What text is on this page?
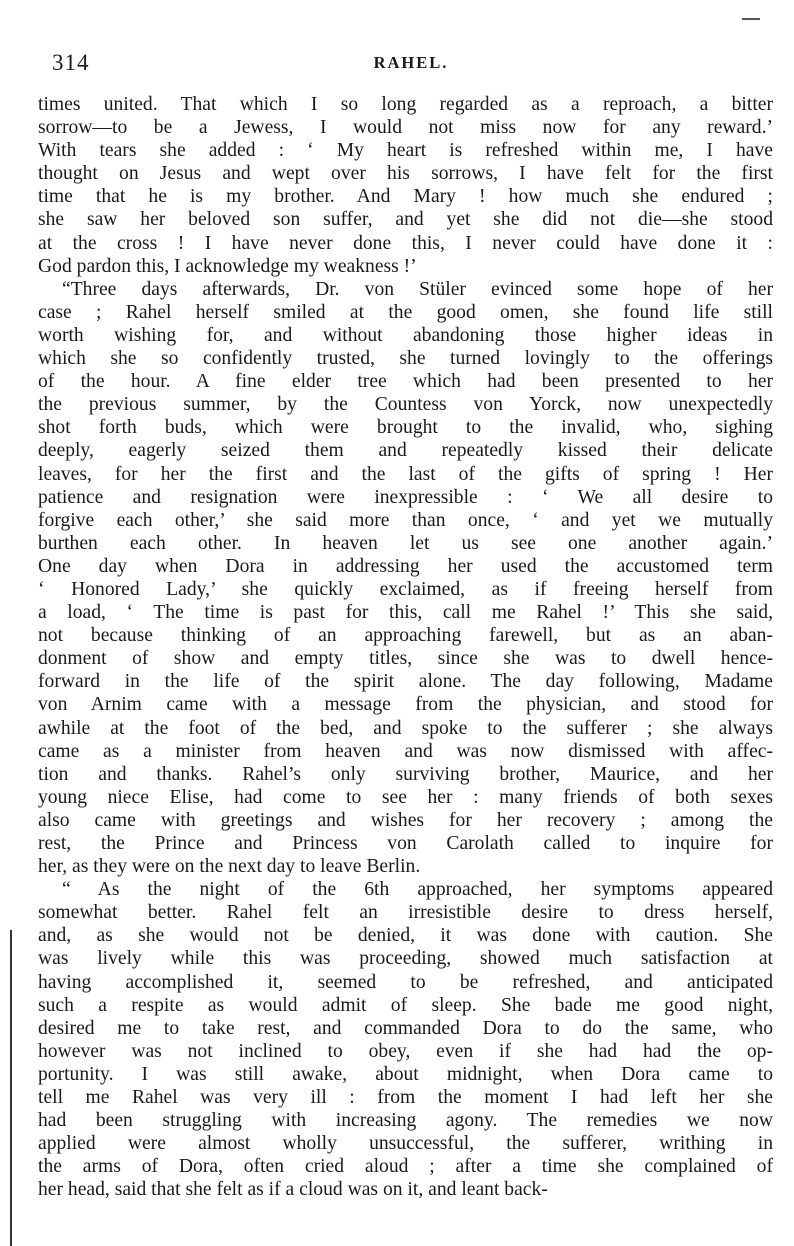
314	RAHEL.

times united. That which I so long regarded as a reproach, a bitter

sorrow—to be a Jewess, I would not miss now for any reward.’

With tears she added : ‘ My heart is refreshed within me, I have

thought on Jesus and wept over his sorrows, I have felt for the first

time that he is my brother. And Mary ! how much she endured ;

she saw her beloved son suffer, and yet she did not die—she stood

at the cross ! I have never done this, I never could have done it :

God pardon this, I acknowledge my weakness !’

“Three days afterwards, Dr. von Stüler evinced some hope of her

case ; Rahel herself smiled at the good omen, she found life still

worth wishing for, and without abandoning those higher ideas in

which she so confidently trusted, she turned lovingly to the offerings

of the hour. A fine elder tree which had been presented to her

the previous summer, by the Countess von Yorck, now unexpectedly

shot forth buds, which were brought to the invalid, who, sighing

deeply, eagerly seized them and repeatedly kissed their delicate

leaves, for her the first and the last of the gifts of spring ! Her

patience and resignation were inexpressible : ‘ We all desire to

forgive each other,’ she said more than once, ‘ and yet we mutually

burthen each other. In heaven let us see one another again.’

One day when Dora in addressing her used the accustomed term

‘ Honored Lady,’ she quickly exclaimed, as if freeing herself from

a load, ‘ The time is past for this, call me Rahel !’ This she said,

not because thinking of an approaching farewell, but as an aban-

donment of show and empty titles, since she was to dwell hence-

forward in the life of the spirit alone. The day following, Madame

von Arnim came with a message from the physician, and stood for

awhile at the foot of the bed, and spoke to the sufferer ; she always

came as a minister from heaven and was now dismissed with affec-

tion and thanks. Rahel’s only surviving brother, Maurice, and her

young niece Elise, had come to see her : many friends of both sexes

also came with greetings and wishes for her recovery ; among the

rest, the Prince and Princess von Carolath called to inquire for

her, as they were on the next day to leave Berlin.

“ As the night of the 6th approached, her symptoms appeared

somewhat better. Rahel felt an irresistible desire to dress herself,

and, as she would not be denied, it was done with caution. She

was lively while this was proceeding, showed much satisfaction at

having accomplished it, seemed to be refreshed, and anticipated

such a respite as would admit of sleep. She bade me good night,

desired me to take rest, and commanded Dora to do the same, who

however was not inclined to obey, even if she had had the op-

portunity. I was still awake, about midnight, when Dora came to

tell me Rahel was very ill : from the moment I had left her she

had been struggling with increasing agony. The remedies we now

applied were almost wholly unsuccessful, the sufferer, writhing in

the arms of Dora, often cried aloud ; after a time she complained of

her head, said that she felt as if a cloud was on it, and leant back-
